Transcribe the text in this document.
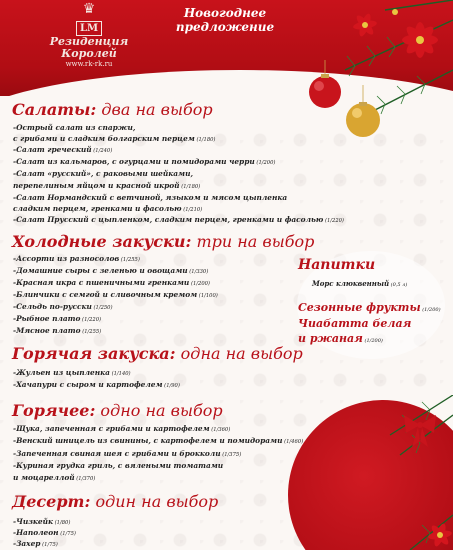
♛
LM
Резиденция
Королей
www.rk-rk.ru
Новогоднее
предложение
Салаты: два на выбор
-Острый салат из спаржи,
с грибами и сладким болгарским перцем (1/180)
-Салат греческий (1/240)
-Салат из кальмаров, с огурцами и помидорами черри (1/200)
-Салат «русский», с раковыми шейками,
перепелиным яйцом и красной икрой (1/180)
-Салат Нормандский с ветчиной, языком и мясом цыпленка
сладким перцем, гренками и фасолью (1/210)
-Салат Прусский с цыпленком, сладким перцем, гренками и фасолью (1/220)
Холодные закуски: три на выбор
-Ассорти из разносолов (1/255)
-Домашние сыры с зеленью и овощами (1/330)
-Красная икра с пшеничными гренками (1/200)
-Блинчики с семгой и сливочным кремом (1/100)
-Сельдь по-русски (1/250)
-Рыбное плато (1/220)
-Мясное плато (1/255)
Горячая закуска: одна на выбор
-Жульен из цыпленка (1/140)
-Хачапури с сыром и картофелем (1/90)
Горячее: одно на выбор
-Щука, запеченная с грибами и картофелем (1/360)
-Венский шницель из свинины, с картофелем и помидорами (1/460)
-Запеченная свиная шея с грибами и брокколи (1/375)
-Куриная грудка гриль, с вялеными томатами
и моцареллой (1/370)
Десерт: один на выбор
-Чизкейк (1/80)
-Наполеон (1/75)
-Захер (1/75)
Напитки
Морс клюквенный (0,5 л)
Сезонные фрукты (1/200)
Чиабатта белая
и ржаная (1/200)
